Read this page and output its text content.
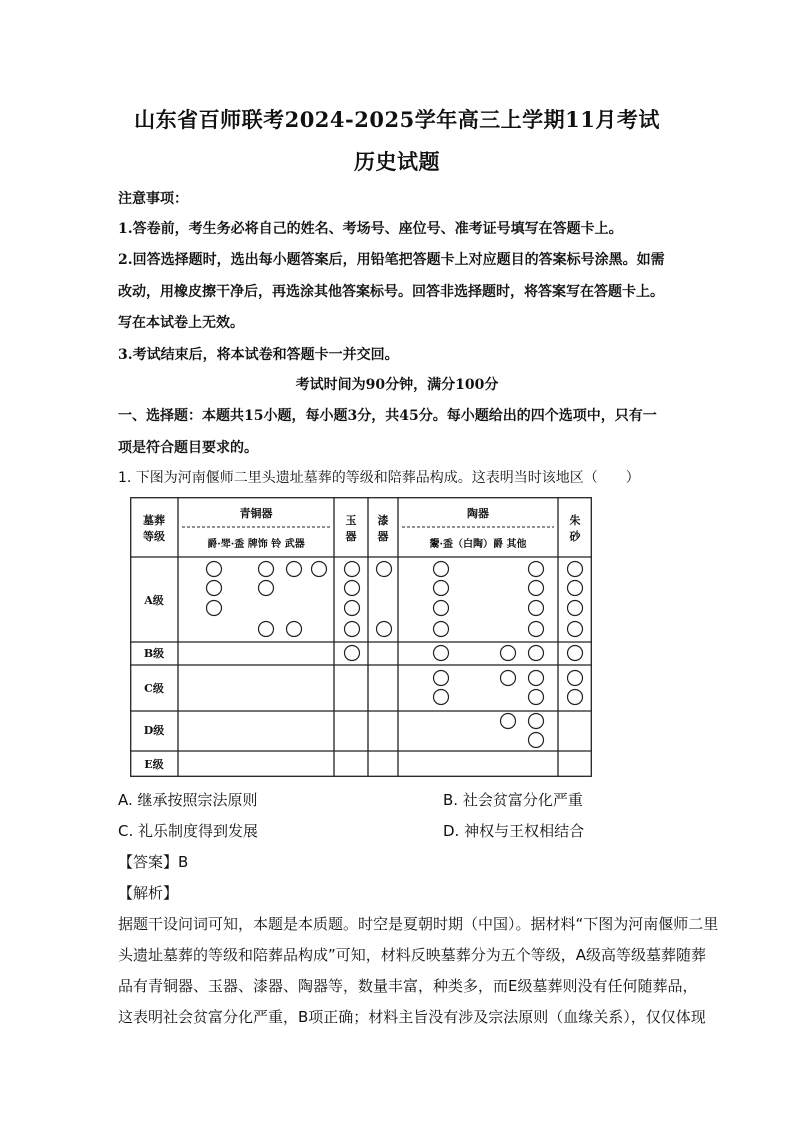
山东省百师联考2024-2025学年高三上学期11月考试
历史试题
注意事项：
1.答卷前，考生务必将自己的姓名、考场号、座位号、准考证号填写在答题卡上。
2.回答选择题时，选出每小题答案后，用铅笔把答题卡上对应题目的答案标号涂黑。如需
改动，用橡皮擦干净后，再选涂其他答案标号。回答非选择题时，将答案写在答题卡上。
写在本试卷上无效。
3.考试结束后，将本试卷和答题卡一并交回。
考试时间为90分钟，满分100分
一、选择题：本题共15小题，每小题3分，共45分。每小题给出的四个选项中，只有一
项是符合题目要求的。
1. 下图为河南偃师二里头遗址墓葬的等级和陪葬品构成。这表明当时该地区（　　）
墓葬
等级
青铜器
爵·斝·盉 牌饰 铃 武器
玉
器
漆
器
陶器
鬶·盉（白陶）爵 其他
朱
砂
A级
B级
C级
D级
E级
A. 继承按照宗法原则	B. 社会贫富分化严重
C. 礼乐制度得到发展	D. 神权与王权相结合
【答案】B
【解析】
据题干设问词可知，本题是本质题。时空是夏朝时期（中国）。据材料“下图为河南偃师二里
头遗址墓葬的等级和陪葬品构成”可知，材料反映墓葬分为五个等级，A级高等级墓葬随葬
品有青铜器、玉器、漆器、陶器等，数量丰富，种类多，而E级墓葬则没有任何随葬品，
这表明社会贫富分化严重，B项正确；材料主旨没有涉及宗法原则（血缘关系），仅仅体现
